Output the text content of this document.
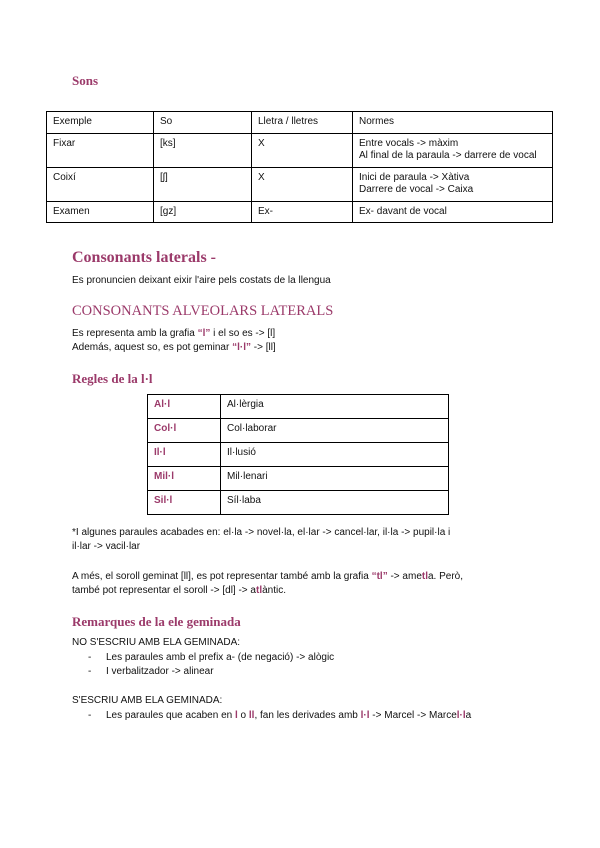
Sons
Exemple	So	Lletra / lletres	Normes
Fixar	[ks]	X	Entre vocals -> màxim
Al final de la paraula -> darrere de vocal

Coixí	[ʃ]	X	Inici de paraula -> Xàtiva
Darrere de vocal -> Caixa

Examen	[gz]	Ex-	Ex- davant de vocal
Consonants laterals -
Es pronuncien deixant eixir l'aire pels costats de la llengua
CONSONANTS ALVEOLARS LATERALS
Es representa amb la grafia “l” i el so es -> [l]
Además, aquest so, es pot geminar “l·l” -> [ll]
Regles de la l·l
Al·l	Al·lèrgia
Col·l	Col·laborar
Il·l	Il·lusió
Mil·l	Mil·lenari
Sil·l	Síl·laba
*I algunes paraules acabades en: el·la -> novel·la, el·lar -> cancel·lar, il·la -> pupil·la i
il·lar -> vacil·lar
A més, el soroll geminat [ll], es pot representar també amb la grafia “tl” -> ametla. Però,
també pot representar el soroll -> [dl] -> atlàntic.
Remarques de la ele geminada
NO S'ESCRIU AMB ELA GEMINADA:
- Les paraules amb el prefix a- (de negació) -> alògic
- I verbalitzador -> alinear
S'ESCRIU AMB ELA GEMINADA:
- Les paraules que acaben en l o ll, fan les derivades amb l·l -> Marcel -> Marcel·la
